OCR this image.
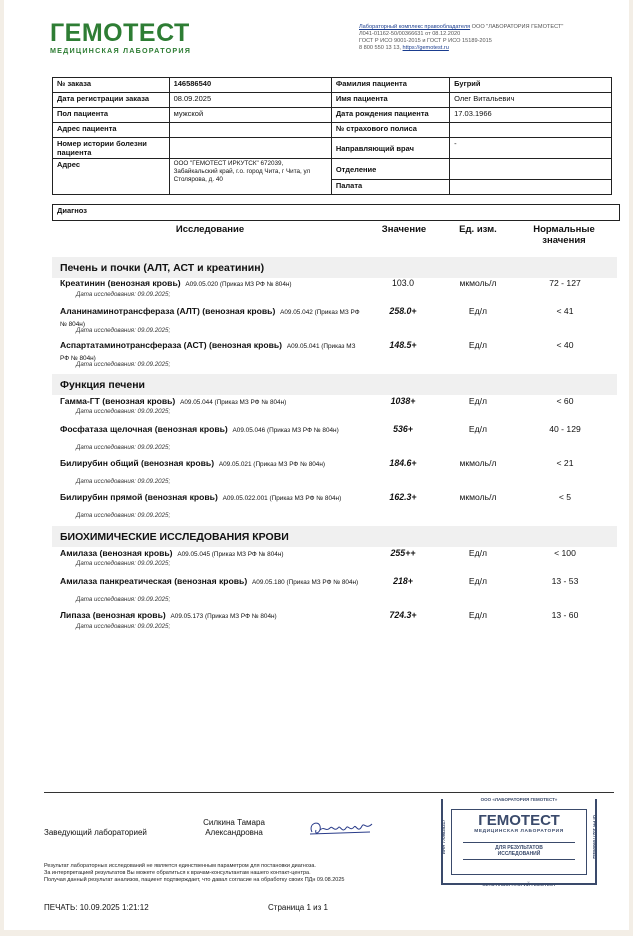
ГЕМОТЕСТ
МЕДИЦИНСКАЯ ЛАБОРАТОРИЯ
Лабораторный комплекс правообладателя ООО "ЛАБОРАТОРИЯ ГЕМОТЕСТ"
Л041-01162-50/00366631 от 08.12.2020
ГОСТ Р ИСО 9001-2015 и ГОСТ Р ИСО 15189-2015
8 800 550 13 13, https://gemotest.ru
№ заказа	146586540	Фамилия пациента	Бугрий
Дата регистрации заказа	08.09.2025	Имя пациента	Олег Витальевич
Пол пациента	мужской	Дата рождения пациента	17.03.1966
Адрес пациента		№ страхового полиса	
Номер истории болезни пациента		Направляющий врач	-
Адрес	ООО "ГЕМОТЕСТ ИРКУТСК" 672039, Забайкальский край, г.о. город Чита, г Чита, ул Столярова, д. 40	Отделение	
		Палата	
Диагноз
Исследование	Значение	Ед. изм.	Нормальные
значения
Печень и почки (АЛТ, АСТ и креатинин)
Креатинин (венозная кровь) A09.05.020 (Приказ МЗ РФ № 804н)
Дата исследования: 09.09.2025;
103.0	мкмоль/л	72 - 127
Аланинаминотрансфераза (АЛТ) (венозная кровь) A09.05.042 (Приказ МЗ РФ № 804н)
Дата исследования: 09.09.2025;
258.0+	Ед/л	< 41
Аспартатаминотрансфераза (АСТ) (венозная кровь) A09.05.041 (Приказ МЗ РФ № 804н)
Дата исследования: 09.09.2025;
148.5+	Ед/л	< 40
Функция печени
Гамма-ГТ (венозная кровь) A09.05.044 (Приказ МЗ РФ № 804н)
Дата исследования: 09.09.2025;
1038+	Ед/л	< 60
Фосфатаза щелочная (венозная кровь) A09.05.046 (Приказ МЗ РФ № 804н)
Дата исследования: 09.09.2025;
536+	Ед/л	40 - 129
Билирубин общий (венозная кровь) A09.05.021 (Приказ МЗ РФ № 804н)
Дата исследования: 09.09.2025;
184.6+	мкмоль/л	< 21
Билирубин прямой (венозная кровь) A09.05.022.001 (Приказ МЗ РФ № 804н)
Дата исследования: 09.09.2025;
162.3+	мкмоль/л	< 5
БИОХИМИЧЕСКИЕ ИССЛЕДОВАНИЯ КРОВИ
Амилаза (венозная кровь) A09.05.045 (Приказ МЗ РФ № 804н)
Дата исследования: 09.09.2025;
255++	Ед/л	< 100
Амилаза панкреатическая (венозная кровь) A09.05.180 (Приказ МЗ РФ № 804н)
Дата исследования: 09.09.2025;
218+	Ед/л	13 - 53
Липаза (венозная кровь) A09.05.173 (Приказ МЗ РФ № 804н)
Дата исследования: 09.09.2025;
724.3+	Ед/л	13 - 60
Заведующий лабораторией
Силкина Тамара Александровна
Результат лабораторных исследований не является единственным параметром для постановки диагноза.
За интерпретацией результатов Вы можете обратиться к врачам-консультантам нашего контакт-центра.
Получая данный результат анализов, пациент подтверждает, что давал согласие на обработку своих ПДн 09.08.2025
ПЕЧАТЬ: 10.09.2025 1:21:12	Страница 1 из 1
ООО «ЛАБОРАТОРИЯ ГЕМОТЕСТ»
ГЕМОТЕСТ
МЕДИЦИНСКАЯ ЛАБОРАТОРИЯ
ДЛЯ РЕЗУЛЬТАТОВ
ИССЛЕДОВАНИЙ
СЕТЬ ЛАБОРАТОРИЙ ГЕМОТЕСТ
ИНН 7709835317	ОГРН 1027709006442
